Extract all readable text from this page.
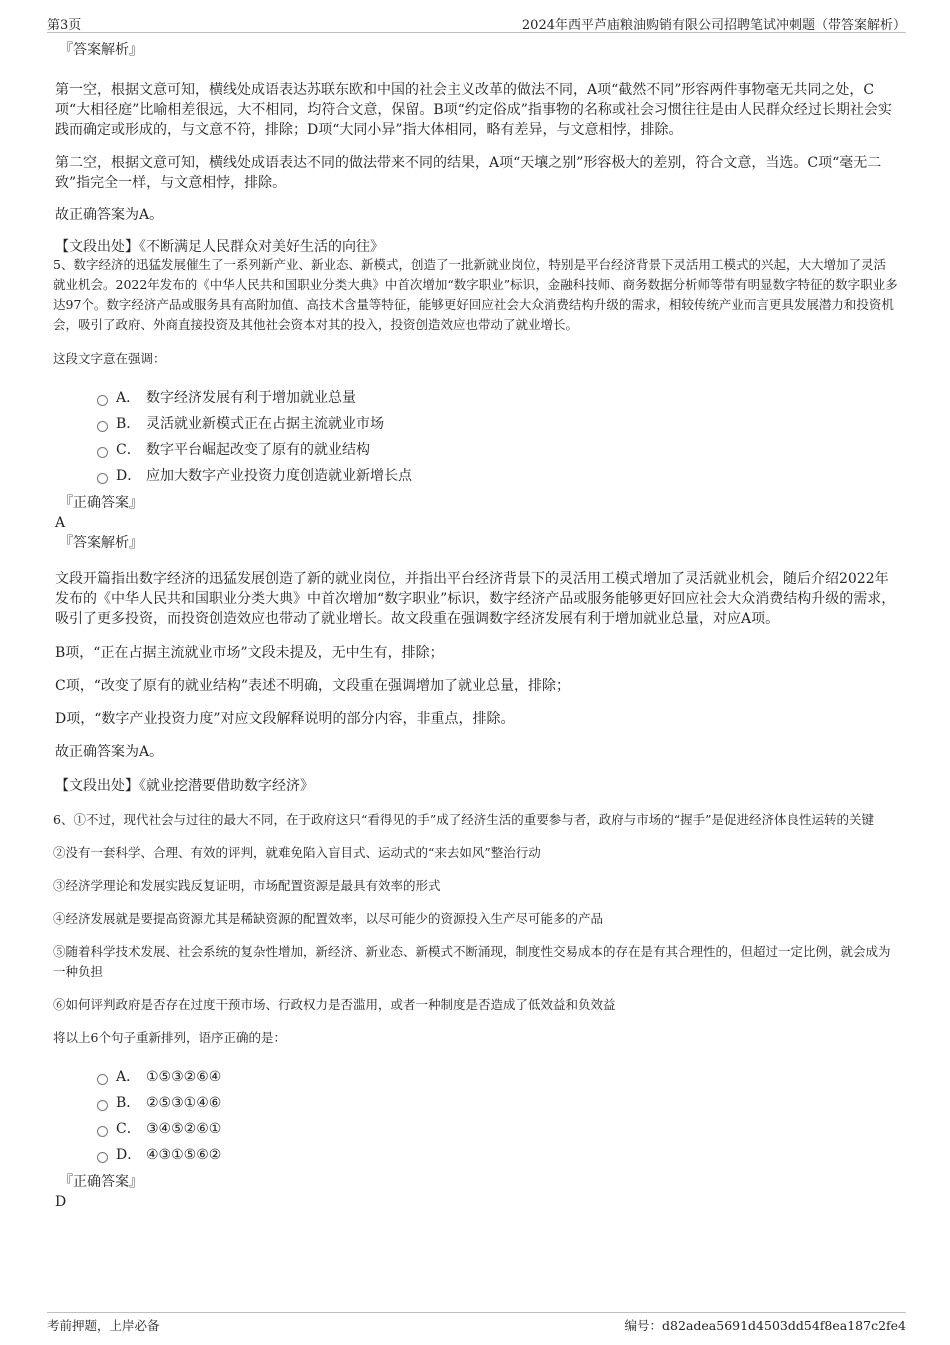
第3页	2024年西平芦庙粮油购销有限公司招聘笔试冲刺题（带答案解析）

『答案解析』

第一空，根据文意可知，横线处成语表达苏联东欧和中国的社会主义改革的做法不同，A项“截然不同”形容两件事物毫无共同之处，C项“大相径庭”比喻相差很远，大不相同，均符合文意，保留。B项“约定俗成”指事物的名称或社会习惯往往是由人民群众经过长期社会实践而确定或形成的，与文意不符，排除；D项“大同小异”指大体相同，略有差异，与文意相悖，排除。

第二空，根据文意可知，横线处成语表达不同的做法带来不同的结果，A项“天壤之别”形容极大的差别，符合文意，当选。C项“毫无二致”指完全一样，与文意相悖，排除。

故正确答案为A。

【文段出处】《不断满足人民群众对美好生活的向往》

5、数字经济的迅猛发展催生了一系列新产业、新业态、新模式，创造了一批新就业岗位，特别是平台经济背景下灵活用工模式的兴起，大大增加了灵活就业机会。2022年发布的《中华人民共和国职业分类大典》中首次增加“数字职业”标识，金融科技师、商务数据分析师等带有明显数字特征的数字职业多达97个。数字经济产品或服务具有高附加值、高技术含量等特征，能够更好回应社会大众消费结构升级的需求，相较传统产业而言更具发展潜力和投资机会，吸引了政府、外商直接投资及其他社会资本对其的投入，投资创造效应也带动了就业增长。

这段文字意在强调：

A． 数字经济发展有利于增加就业总量
B． 灵活就业新模式正在占据主流就业市场
C． 数字平台崛起改变了原有的就业结构
D． 应加大数字产业投资力度创造就业新增长点

『正确答案』

A

『答案解析』

文段开篇指出数字经济的迅猛发展创造了新的就业岗位，并指出平台经济背景下的灵活用工模式增加了灵活就业机会，随后介绍2022年发布的《中华人民共和国职业分类大典》中首次增加“数字职业”标识，数字经济产品或服务能够更好回应社会大众消费结构升级的需求，吸引了更多投资，而投资创造效应也带动了就业增长。故文段重在强调数字经济发展有利于增加就业总量，对应A项。

B项，“正在占据主流就业市场”文段未提及，无中生有，排除；

C项，“改变了原有的就业结构”表述不明确，文段重在强调增加了就业总量，排除；

D项，“数字产业投资力度”对应文段解释说明的部分内容，非重点，排除。

故正确答案为A。

【文段出处】《就业挖潜要借助数字经济》

6、①不过，现代社会与过往的最大不同，在于政府这只“看得见的手”成了经济生活的重要参与者，政府与市场的“握手”是促进经济体良性运转的关键

②没有一套科学、合理、有效的评判，就难免陷入盲目式、运动式的“来去如风”整治行动

③经济学理论和发展实践反复证明，市场配置资源是最具有效率的形式

④经济发展就是要提高资源尤其是稀缺资源的配置效率，以尽可能少的资源投入生产尽可能多的产品

⑤随着科学技术发展、社会系统的复杂性增加，新经济、新业态、新模式不断涌现，制度性交易成本的存在是有其合理性的，但超过一定比例，就会成为一种负担

⑥如何评判政府是否存在过度干预市场、行政权力是否滥用，或者一种制度是否造成了低效益和负效益

将以上6个句子重新排列，语序正确的是：

A． ①⑤③②⑥④
B． ②⑤③①④⑥
C． ③④⑤②⑥①
D． ④③①⑤⑥②

『正确答案』

D

考前押题，上岸必备	编号：d82adea5691d4503dd54f8ea187c2fe4
